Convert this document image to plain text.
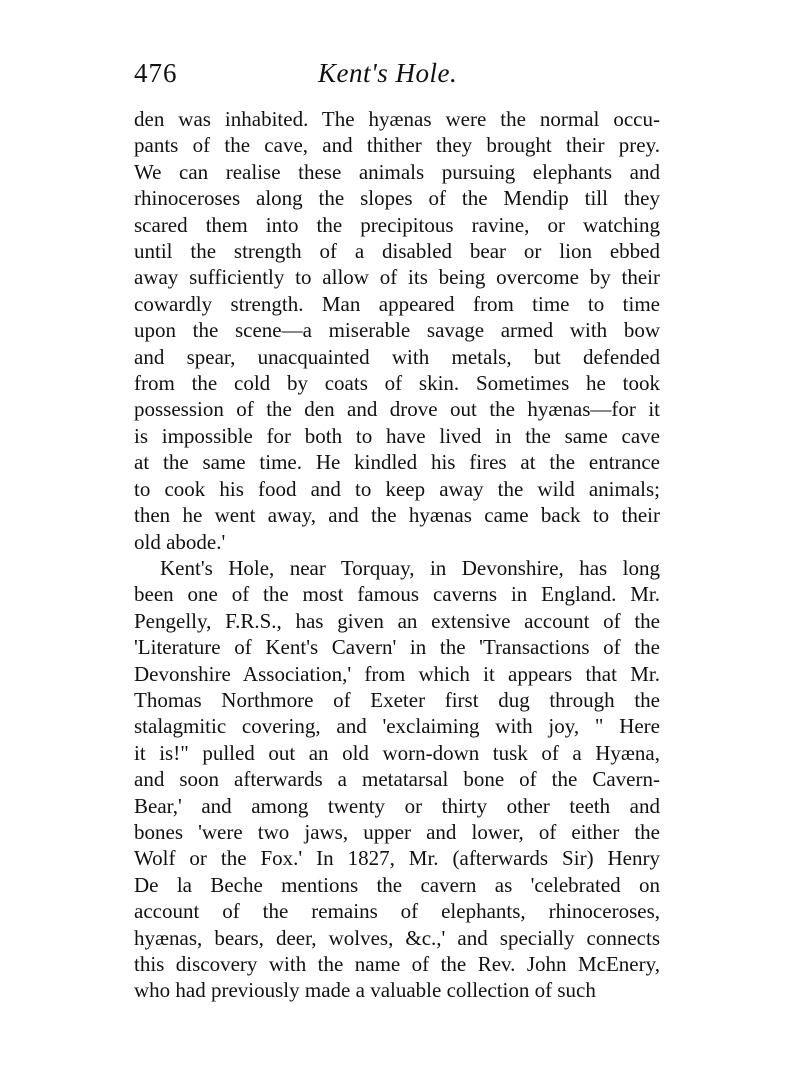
476	Kent's Hole.
den was inhabited. The hyænas were the normal occu-
pants of the cave, and thither they brought their prey.
We can realise these animals pursuing elephants and
rhinoceroses along the slopes of the Mendip till they
scared them into the precipitous ravine, or watching
until the strength of a disabled bear or lion ebbed
away sufficiently to allow of its being overcome by their
cowardly strength. Man appeared from time to time
upon the scene—a miserable savage armed with bow
and spear, unacquainted with metals, but defended
from the cold by coats of skin. Sometimes he took
possession of the den and drove out the hyænas—for it
is impossible for both to have lived in the same cave
at the same time. He kindled his fires at the entrance
to cook his food and to keep away the wild animals;
then he went away, and the hyænas came back to their
old abode.'
Kent's Hole, near Torquay, in Devonshire, has long
been one of the most famous caverns in England. Mr.
Pengelly, F.R.S., has given an extensive account of the
'Literature of Kent's Cavern' in the 'Transactions of the
Devonshire Association,' from which it appears that Mr.
Thomas Northmore of Exeter first dug through the
stalagmitic covering, and 'exclaiming with joy, " Here
it is!" pulled out an old worn-down tusk of a Hyæna,
and soon afterwards a metatarsal bone of the Cavern-
Bear,' and among twenty or thirty other teeth and
bones 'were two jaws, upper and lower, of either the
Wolf or the Fox.' In 1827, Mr. (afterwards Sir) Henry
De la Beche mentions the cavern as 'celebrated on
account of the remains of elephants, rhinoceroses,
hyænas, bears, deer, wolves, &c.,' and specially connects
this discovery with the name of the Rev. John McEnery,
who had previously made a valuable collection of such
